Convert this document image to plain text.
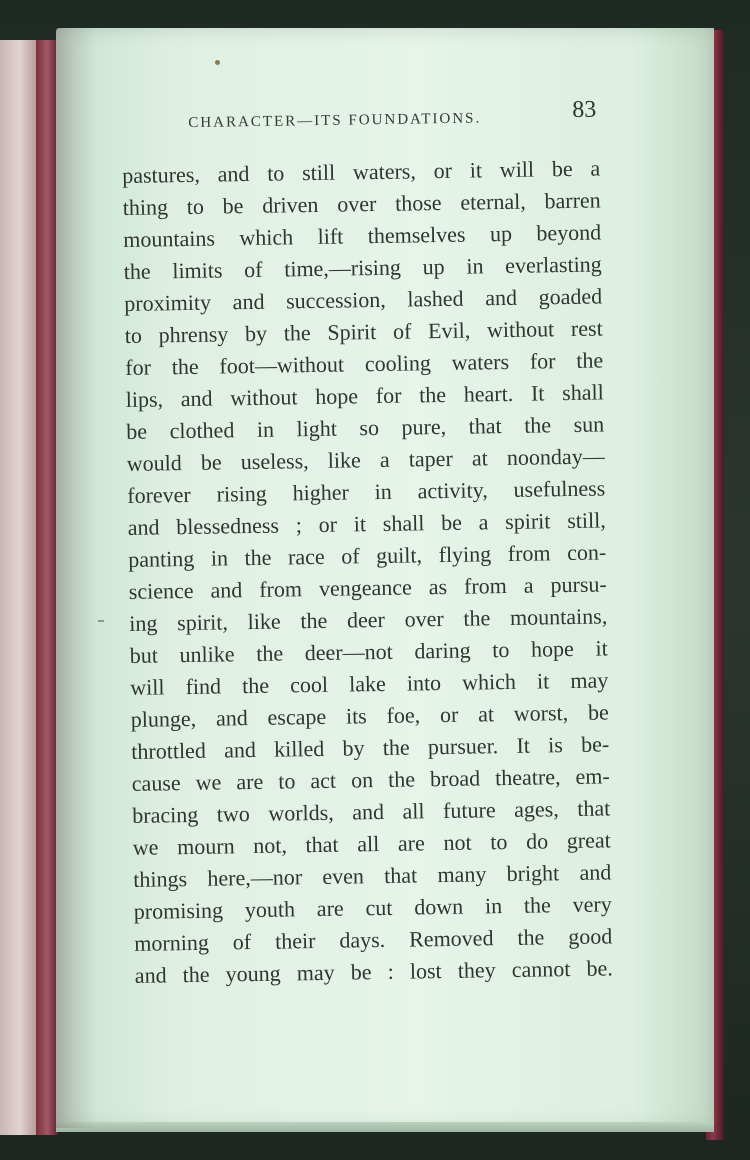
CHARACTER—ITS FOUNDATIONS.	83
pastures, and to still waters, or it will be a
thing to be driven over those eternal, barren
mountains which lift themselves up beyond
the limits of time,—rising up in everlasting
proximity and succession, lashed and goaded
to phrensy by the Spirit of Evil, without rest
for the foot—without cooling waters for the
lips, and without hope for the heart. It shall
be clothed in light so pure, that the sun
would be useless, like a taper at noonday—
forever rising higher in activity, usefulness
and blessedness ; or it shall be a spirit still,
panting in the race of guilt, flying from con-
science and from vengeance as from a pursu-
ing spirit, like the deer over the mountains,
but unlike the deer—not daring to hope it
will find the cool lake into which it may
plunge, and escape its foe, or at worst, be
throttled and killed by the pursuer. It is be-
cause we are to act on the broad theatre, em-
bracing two worlds, and all future ages, that
we mourn not, that all are not to do great
things here,—nor even that many bright and
promising youth are cut down in the very
morning of their days. Removed the good
and the young may be : lost they cannot be.
